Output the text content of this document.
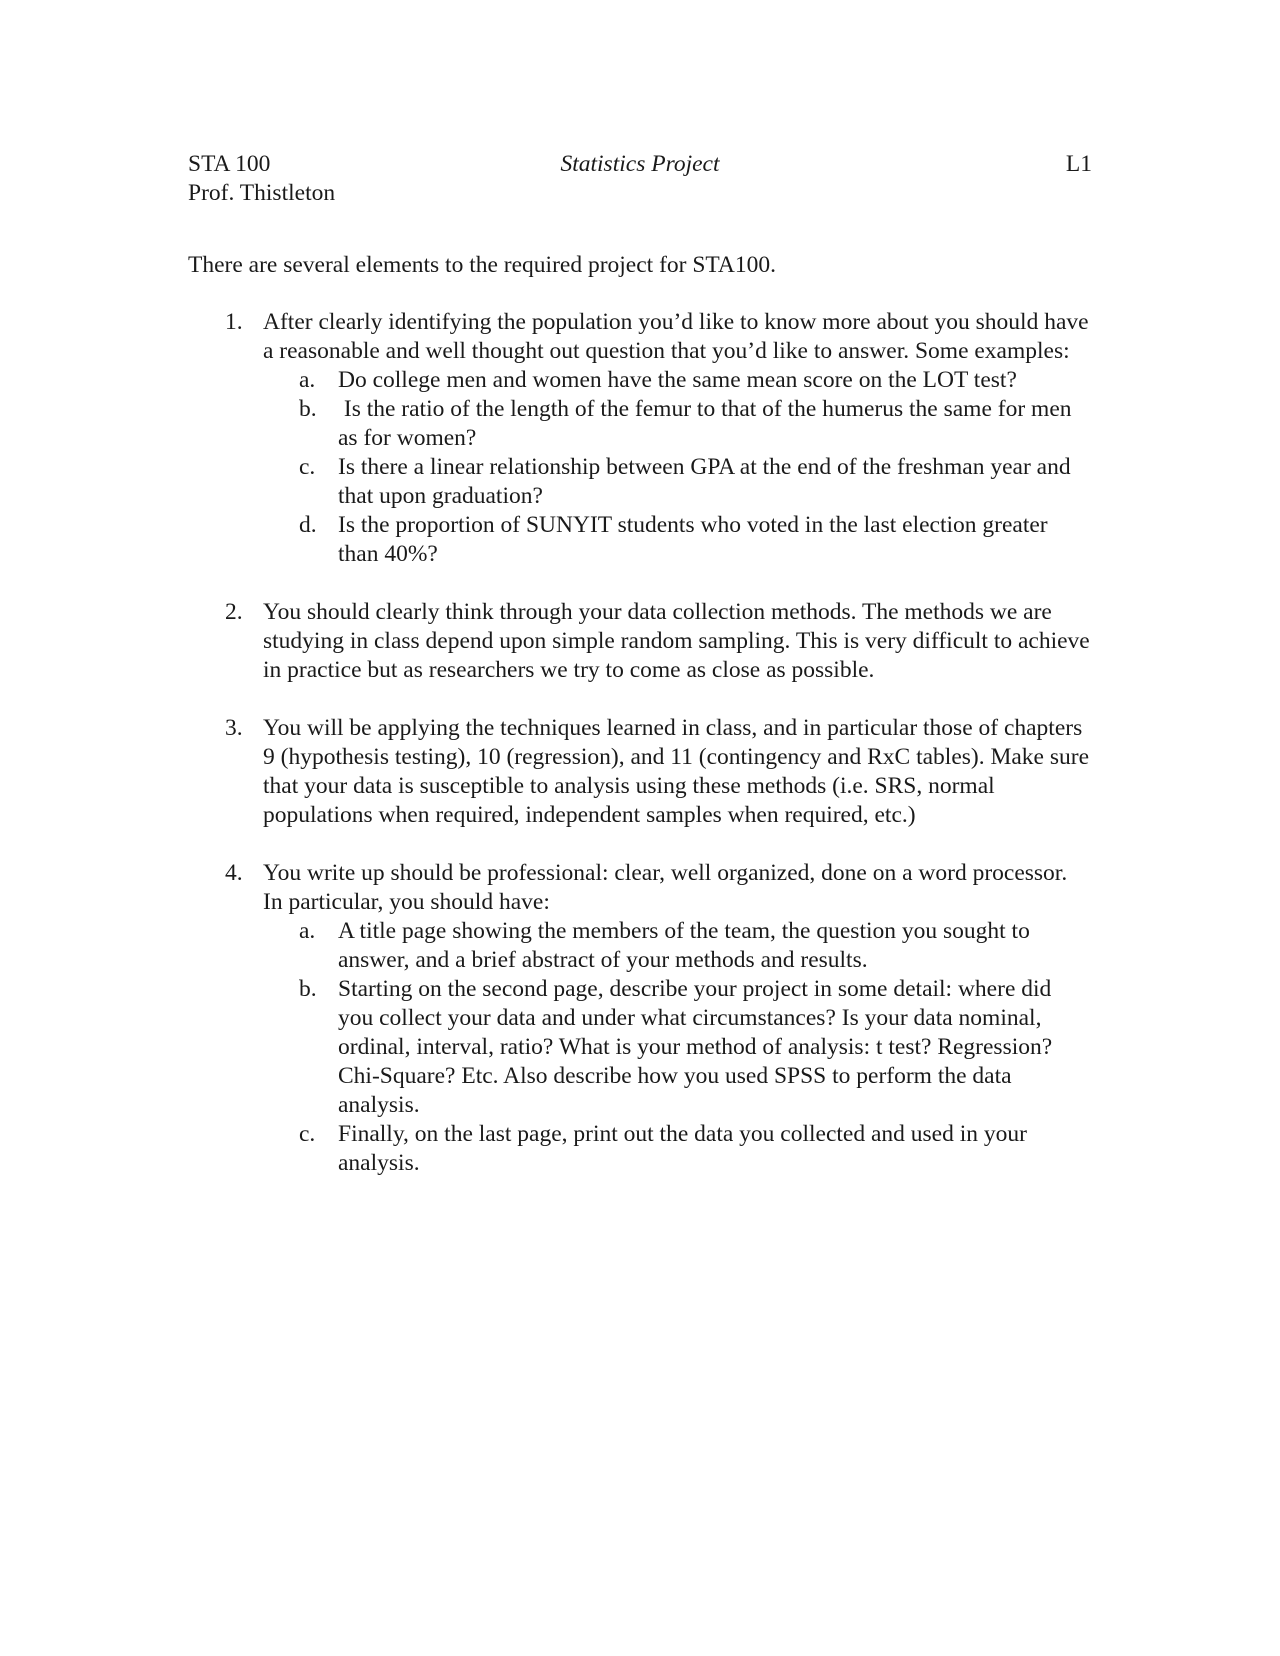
STA 100	Statistics Project	L1
Prof. Thistleton

There are several elements to the required project for STA100.

1. After clearly identifying the population you’d like to know more about you should have a reasonable and well thought out question that you’d like to answer. Some examples:
a. Do college men and women have the same mean score on the LOT test?
b. Is the ratio of the length of the femur to that of the humerus the same for men as for women?
c. Is there a linear relationship between GPA at the end of the freshman year and that upon graduation?
d. Is the proportion of SUNYIT students who voted in the last election greater than 40%?
2. You should clearly think through your data collection methods. The methods we are studying in class depend upon simple random sampling. This is very difficult to achieve in practice but as researchers we try to come as close as possible.
3. You will be applying the techniques learned in class, and in particular those of chapters 9 (hypothesis testing), 10 (regression), and 11 (contingency and RxC tables). Make sure that your data is susceptible to analysis using these methods (i.e. SRS, normal populations when required, independent samples when required, etc.)
4. You write up should be professional: clear, well organized, done on a word processor. In particular, you should have:
a. A title page showing the members of the team, the question you sought to answer, and a brief abstract of your methods and results.
b. Starting on the second page, describe your project in some detail: where did you collect your data and under what circumstances? Is your data nominal, ordinal, interval, ratio? What is your method of analysis: t test? Regression? Chi-Square? Etc. Also describe how you used SPSS to perform the data analysis.
c. Finally, on the last page, print out the data you collected and used in your analysis.
